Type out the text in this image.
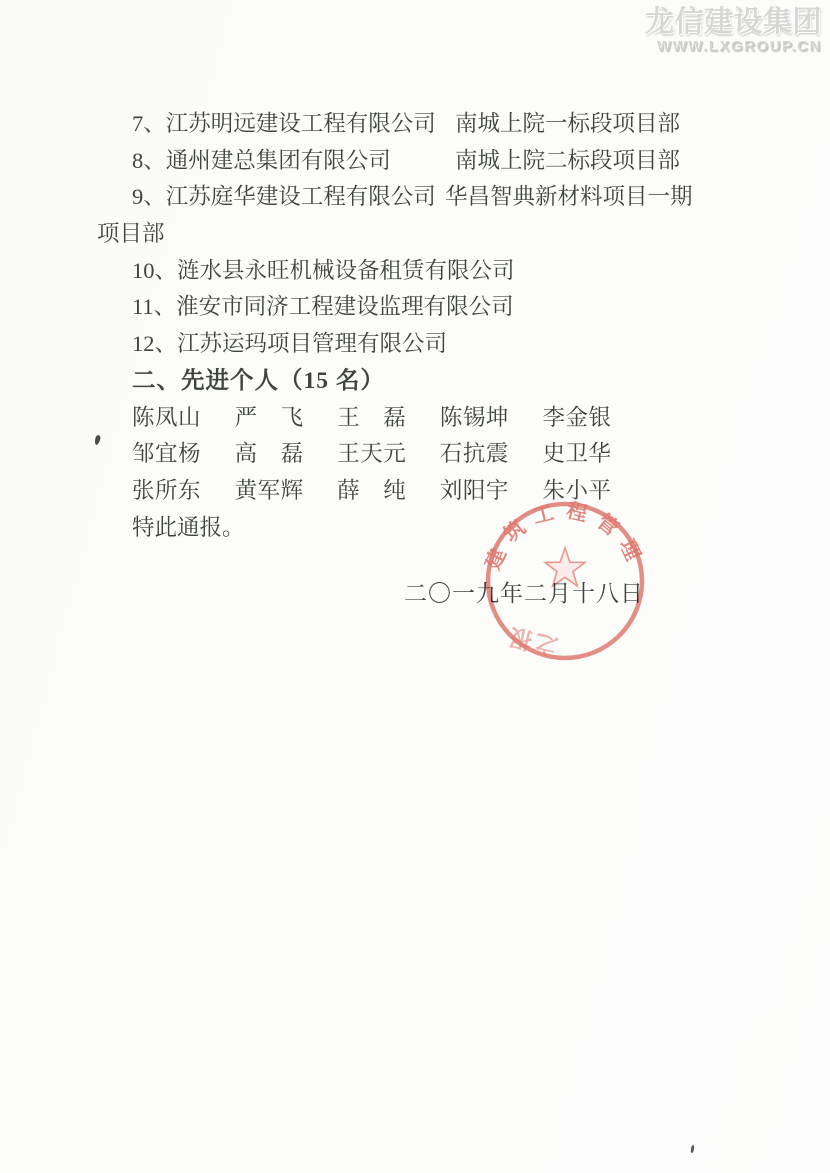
龙信建设集团
WWW.LXGROUP.CN
7、江苏明远建设工程有限公司 南城上院一标段项目部
8、通州建总集团有限公司	南城上院二标段项目部
9、江苏庭华建设工程有限公司 华昌智典新材料项目一期
项目部
10、涟水县永旺机械设备租赁有限公司
11、淮安市同济工程建设监理有限公司
12、江苏运玛项目管理有限公司
二、先进个人（15 名）
陈凤山 严　飞 王　磊 陈锡坤 李金银
邹宜杨 高　磊 王天元 石抗震 史卫华
张所东 黄军辉 薛　纯 刘阳宇 朱小平
特此通报。
二〇一九年二月十八日
建筑工程管理
之报
